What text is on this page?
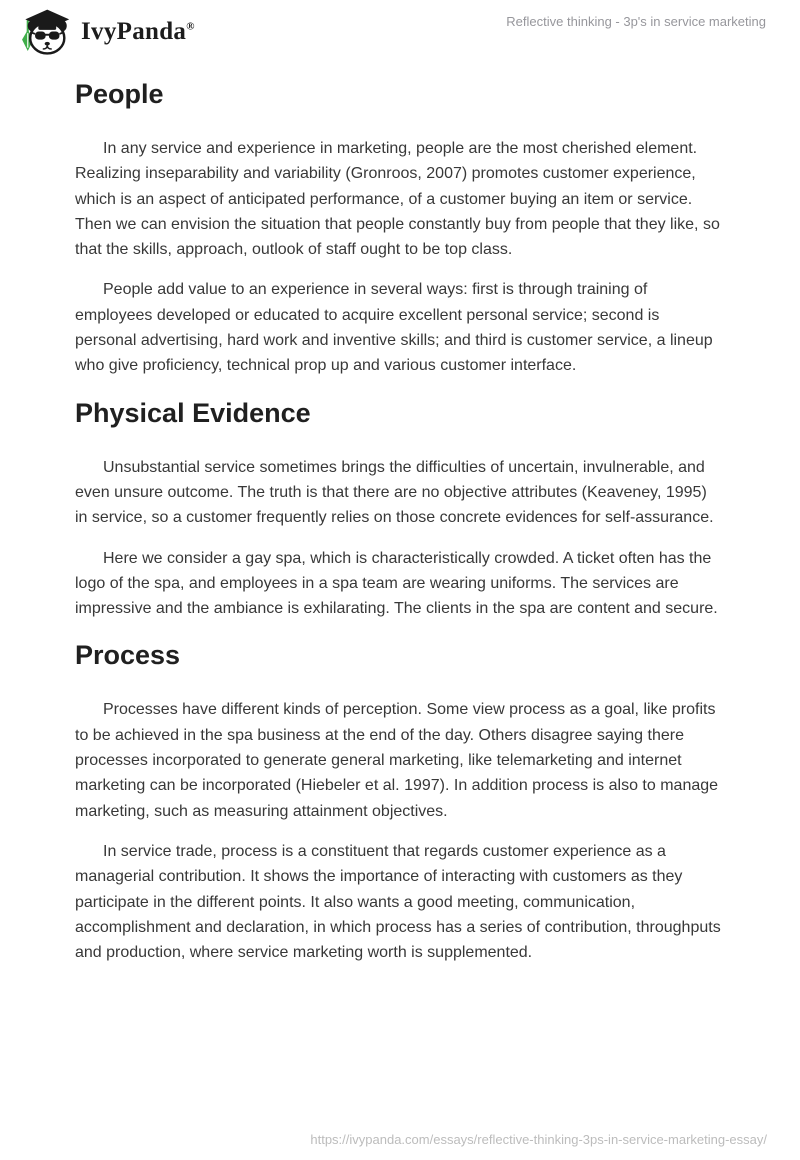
IvyPanda®	Reflective thinking - 3p's in service marketing
People

In any service and experience in marketing, people are the most cherished element. Realizing inseparability and variability (Gronroos, 2007) promotes customer experience, which is an aspect of anticipated performance, of a customer buying an item or service. Then we can envision the situation that people constantly buy from people that they like, so that the skills, approach, outlook of staff ought to be top class.

People add value to an experience in several ways: first is through training of employees developed or educated to acquire excellent personal service; second is personal advertising, hard work and inventive skills; and third is customer service, a lineup who give proficiency, technical prop up and various customer interface.

Physical Evidence

Unsubstantial service sometimes brings the difficulties of uncertain, invulnerable, and even unsure outcome. The truth is that there are no objective attributes (Keaveney, 1995) in service, so a customer frequently relies on those concrete evidences for self-assurance.

Here we consider a gay spa, which is characteristically crowded. A ticket often has the logo of the spa, and employees in a spa team are wearing uniforms. The services are impressive and the ambiance is exhilarating. The clients in the spa are content and secure.

Process

Processes have different kinds of perception. Some view process as a goal, like profits to be achieved in the spa business at the end of the day. Others disagree saying there processes incorporated to generate general marketing, like telemarketing and internet marketing can be incorporated (Hiebeler et al. 1997). In addition process is also to manage marketing, such as measuring attainment objectives.

In service trade, process is a constituent that regards customer experience as a managerial contribution. It shows the importance of interacting with customers as they participate in the different points. It also wants a good meeting, communication, accomplishment and declaration, in which process has a series of contribution, throughputs and production, where service marketing worth is supplemented.

https://ivypanda.com/essays/reflective-thinking-3ps-in-service-marketing-essay/
